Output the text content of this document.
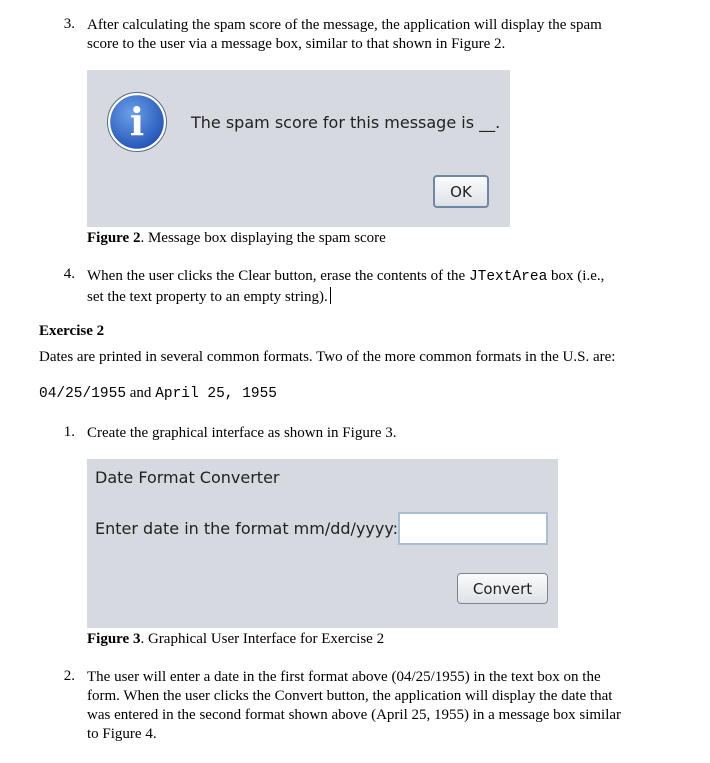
3. After calculating the spam score of the message, the application will display the spam
score to the user via a message box, similar to that shown in Figure 2.
i	The spam score for this message is __.
OK
Figure 2. Message box displaying the spam score
4. When the user clicks the Clear button, erase the contents of the JTextArea box (i.e.,
set the text property to an empty string).
Exercise 2
Dates are printed in several common formats. Two of the more common formats in the U.S. are:
04/25/1955 and April 25, 1955
1. Create the graphical interface as shown in Figure 3.
Date Format Converter
Enter date in the format mm/dd/yyyy:
Convert
Figure 3. Graphical User Interface for Exercise 2
2. The user will enter a date in the first format above (04/25/1955) in the text box on the
form. When the user clicks the Convert button, the application will display the date that
was entered in the second format shown above (April 25, 1955) in a message box similar
to Figure 4.
